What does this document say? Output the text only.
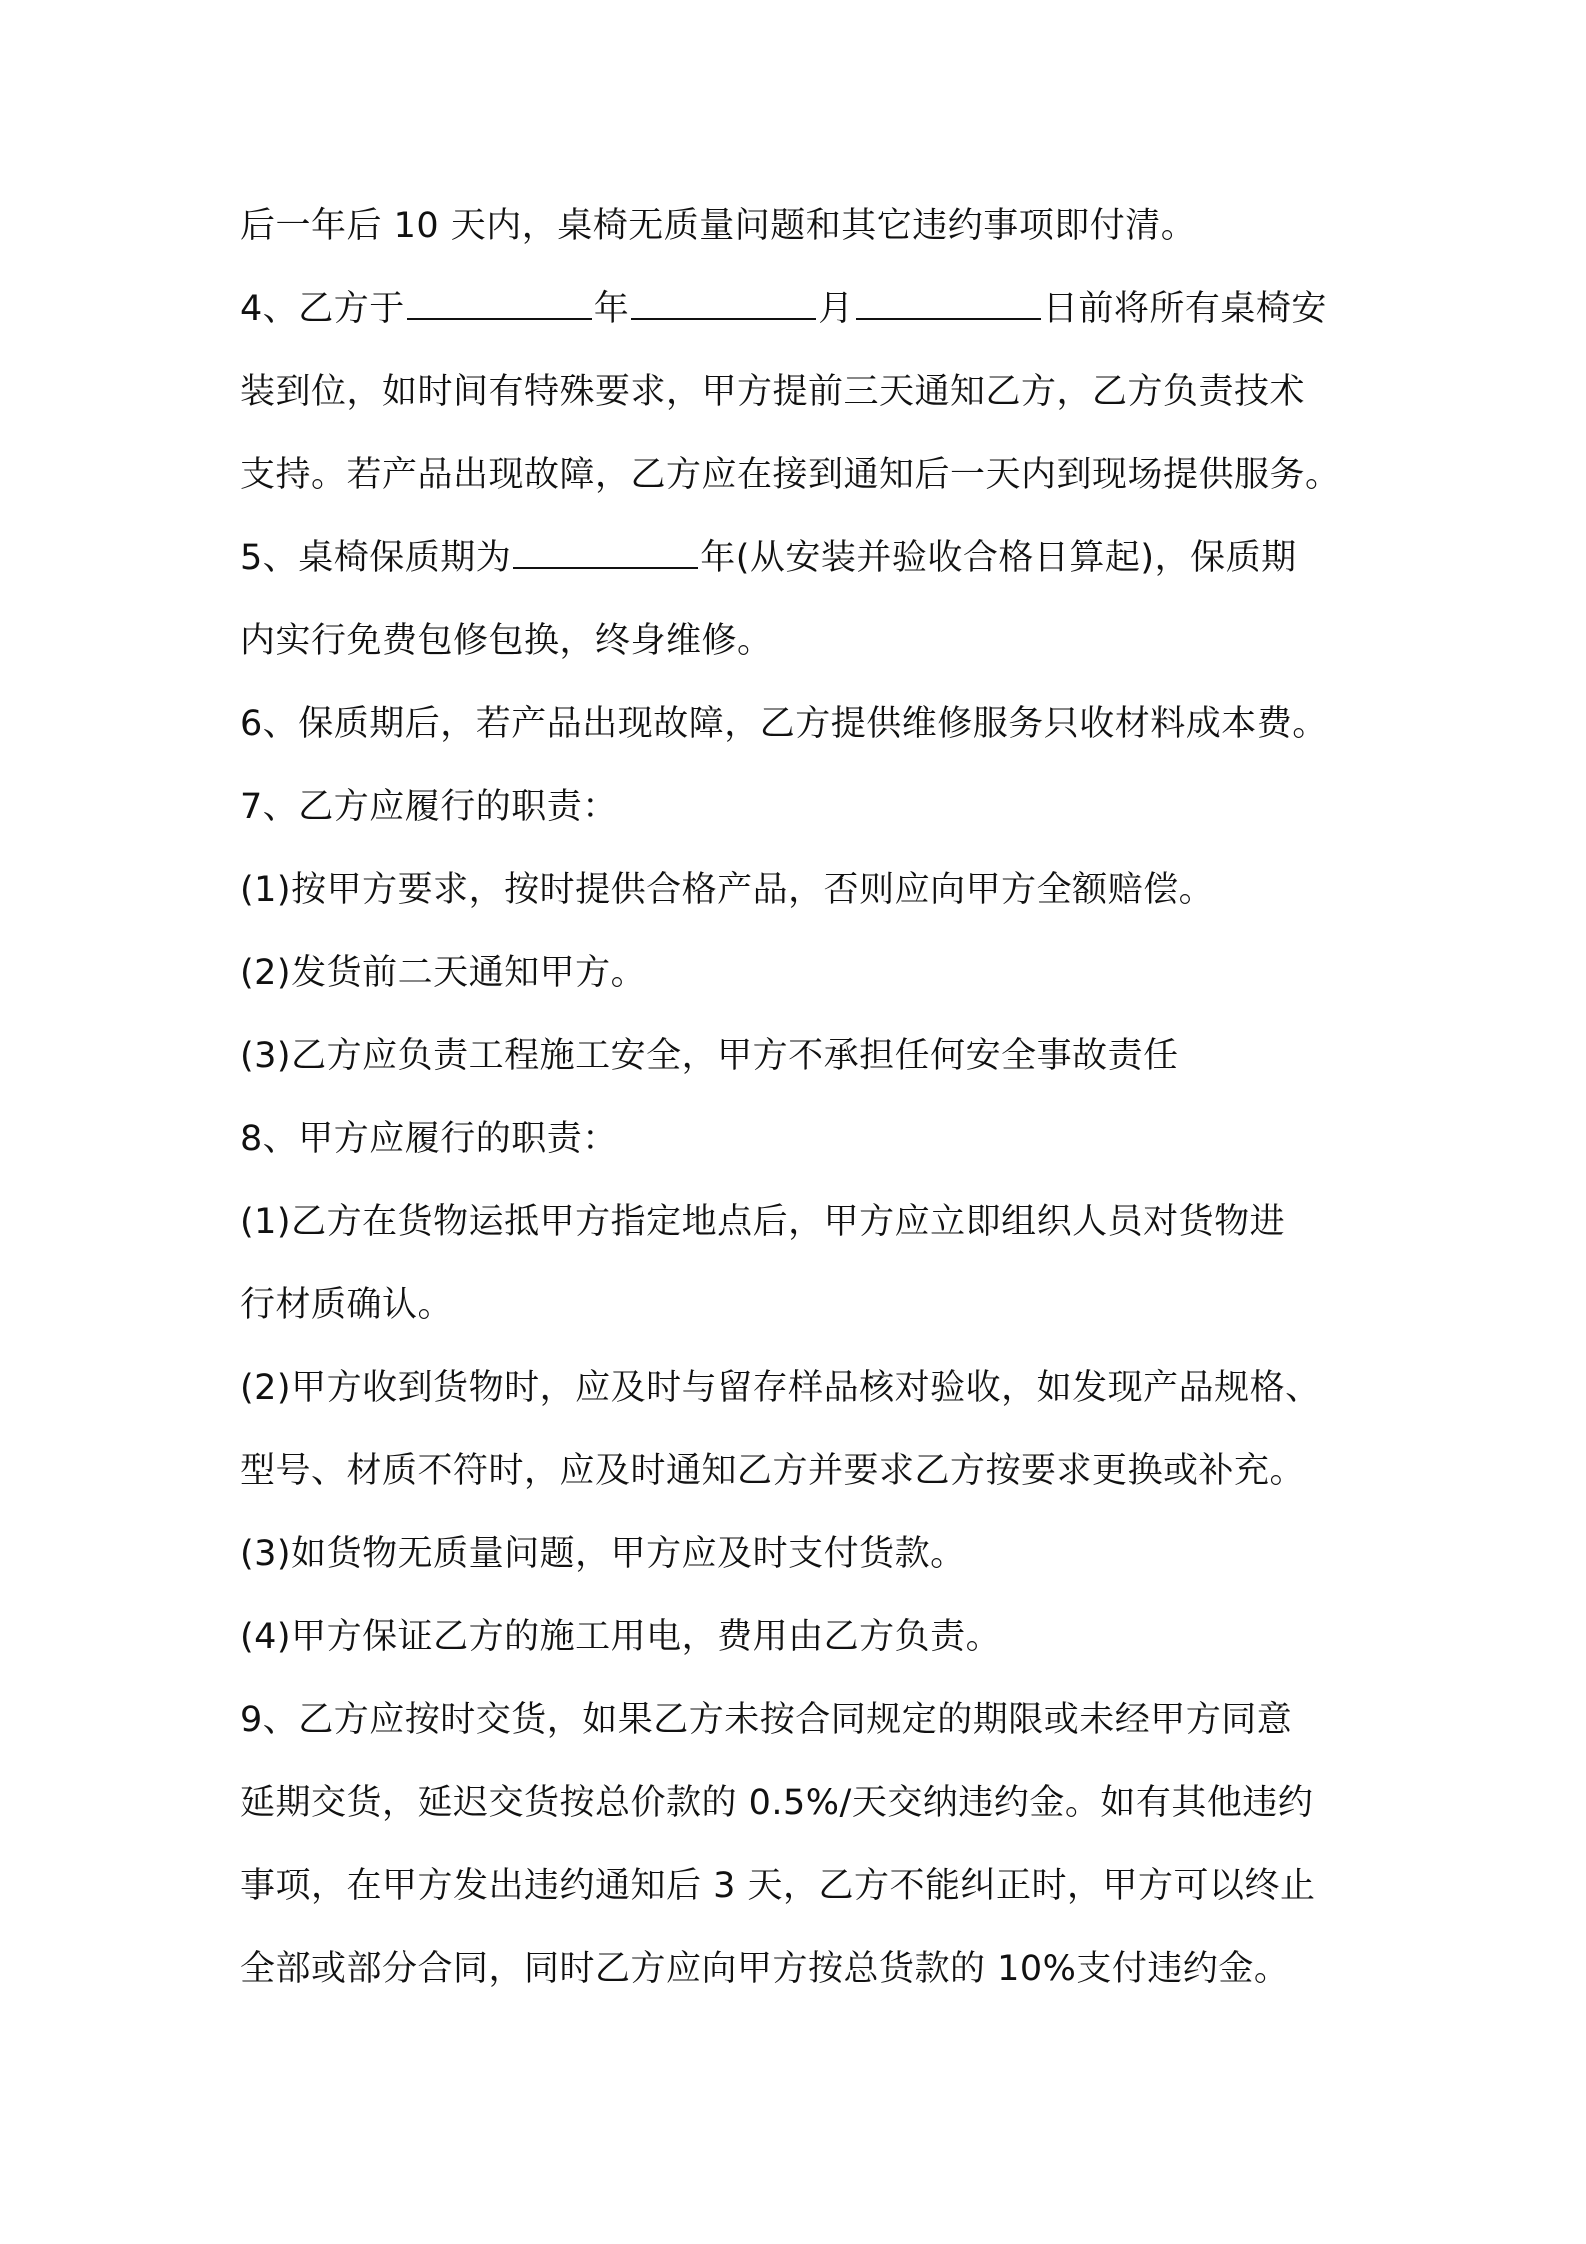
后一年后 10 天内，桌椅无质量问题和其它违约事项即付清。
4、乙方于	年	月	日前将所有桌椅安
装到位，如时间有特殊要求，甲方提前三天通知乙方，乙方负责技术
支持。若产品出现故障，乙方应在接到通知后一天内到现场提供服务。
5、桌椅保质期为	年(从安装并验收合格日算起)，保质期
内实行免费包修包换，终身维修。
6、保质期后，若产品出现故障，乙方提供维修服务只收材料成本费。
7、乙方应履行的职责：
(1)按甲方要求，按时提供合格产品，否则应向甲方全额赔偿。
(2)发货前二天通知甲方。
(3)乙方应负责工程施工安全，甲方不承担任何安全事故责任
8、甲方应履行的职责：
(1)乙方在货物运抵甲方指定地点后，甲方应立即组织人员对货物进
行材质确认。
(2)甲方收到货物时，应及时与留存样品核对验收，如发现产品规格、
型号、材质不符时，应及时通知乙方并要求乙方按要求更换或补充。
(3)如货物无质量问题，甲方应及时支付货款。
(4)甲方保证乙方的施工用电，费用由乙方负责。
9、乙方应按时交货，如果乙方未按合同规定的期限或未经甲方同意
延期交货，延迟交货按总价款的 0.5%/天交纳违约金。如有其他违约
事项，在甲方发出违约通知后 3 天，乙方不能纠正时，甲方可以终止
全部或部分合同，同时乙方应向甲方按总货款的 10%支付违约金。
